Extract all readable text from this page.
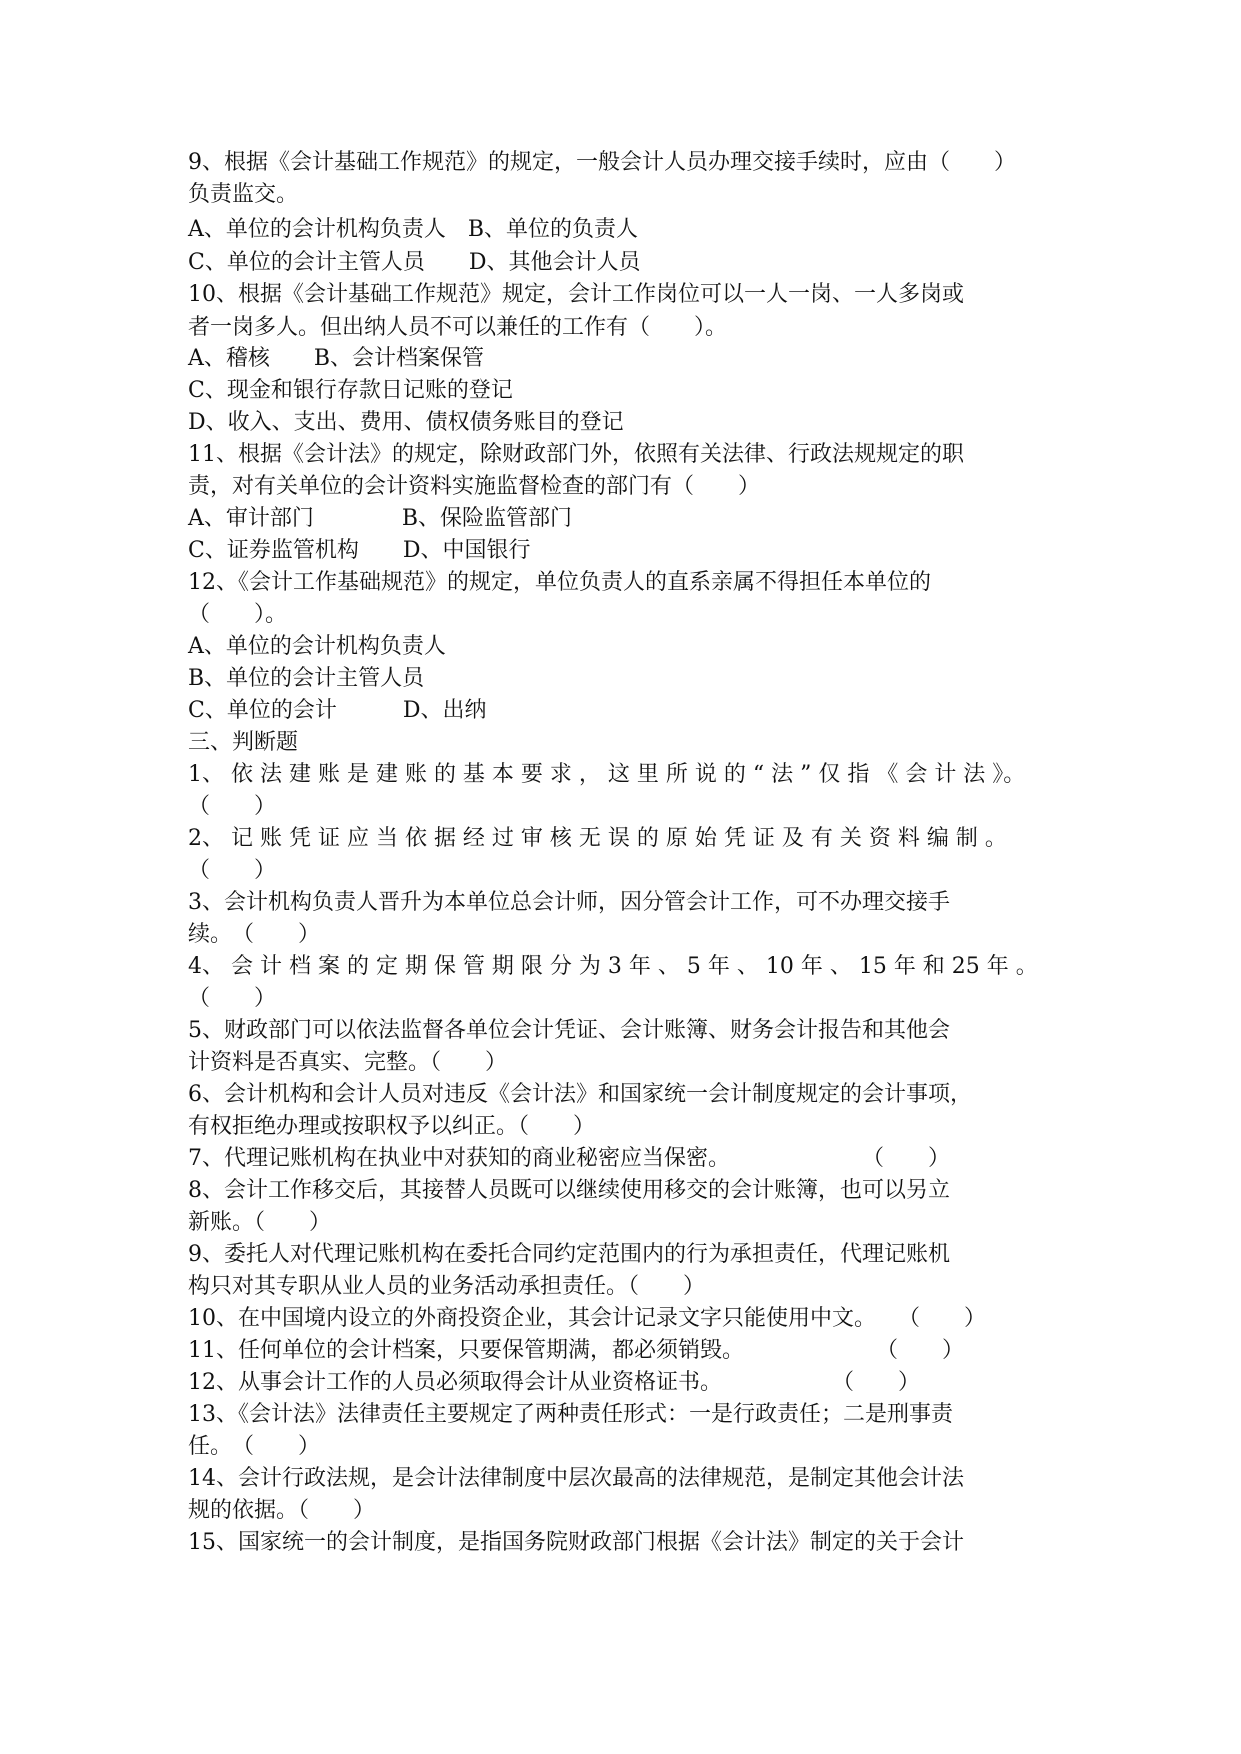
9、根据《会计基础工作规范》的规定，一般会计人员办理交接手续时，应由（　　）
负责监交。
A、单位的会计机构负责人　B、单位的负责人
C、单位的会计主管人员　　D、其他会计人员
10、根据《会计基础工作规范》规定，会计工作岗位可以一人一岗、一人多岗或
者一岗多人。但出纳人员不可以兼任的工作有（　　）。
A、稽核　　B、会计档案保管
C、现金和银行存款日记账的登记
D、收入、支出、费用、债权债务账目的登记
11、根据《会计法》的规定，除财政部门外，依照有关法律、行政法规规定的职
责，对有关单位的会计资料实施监督检查的部门有（　　）
A、审计部门　　　　B、保险监管部门
C、证券监管机构　　D、中国银行
12、《会计工作基础规范》的规定，单位负责人的直系亲属不得担任本单位的
（　　）。
A、单位的会计机构负责人
B、单位的会计主管人员
C、单位的会计　　　D、出纳
三、判断题
1、 依 法 建 账 是 建 账 的 基 本 要 求 ， 这 里 所 说 的 “ 法 ” 仅 指 《 会 计 法 》。
（　　）
2、 记 账 凭 证 应 当 依 据 经 过 审 核 无 误 的 原 始 凭 证 及 有 关 资 料 编 制 。
（　　）
3、会计机构负责人晋升为本单位总会计师，因分管会计工作，可不办理交接手
续。　（　　）
4、 会 计 档 案 的 定 期 保 管 期 限 分 为 3 年 、 5 年 、 10 年 、 15 年 和 25 年 。
（　　）
5、财政部门可以依法监督各单位会计凭证、会计账簿、财务会计报告和其他会
计资料是否真实、完整。（　　）
6、会计机构和会计人员对违反《会计法》和国家统一会计制度规定的会计事项，
有权拒绝办理或按职权予以纠正。（　　）
7、代理记账机构在执业中对获知的商业秘密应当保密。　　　　　　　（　　）
8、会计工作移交后，其接替人员既可以继续使用移交的会计账簿，也可以另立
新账。（　　）
9、委托人对代理记账机构在委托合同约定范围内的行为承担责任，代理记账机
构只对其专职从业人员的业务活动承担责任。（　　）
10、在中国境内设立的外商投资企业，其会计记录文字只能使用中文。　　（　　）
11、任何单位的会计档案，只要保管期满，都必须销毁。　　　　　　　（　　）
12、从事会计工作的人员必须取得会计从业资格证书。　　　　　　（　　）
13、《会计法》法律责任主要规定了两种责任形式：一是行政责任；二是刑事责
任。　（　　）
14、会计行政法规，是会计法律制度中层次最高的法律规范，是制定其他会计法
规的依据。（　　）
15、国家统一的会计制度，是指国务院财政部门根据《会计法》制定的关于会计
